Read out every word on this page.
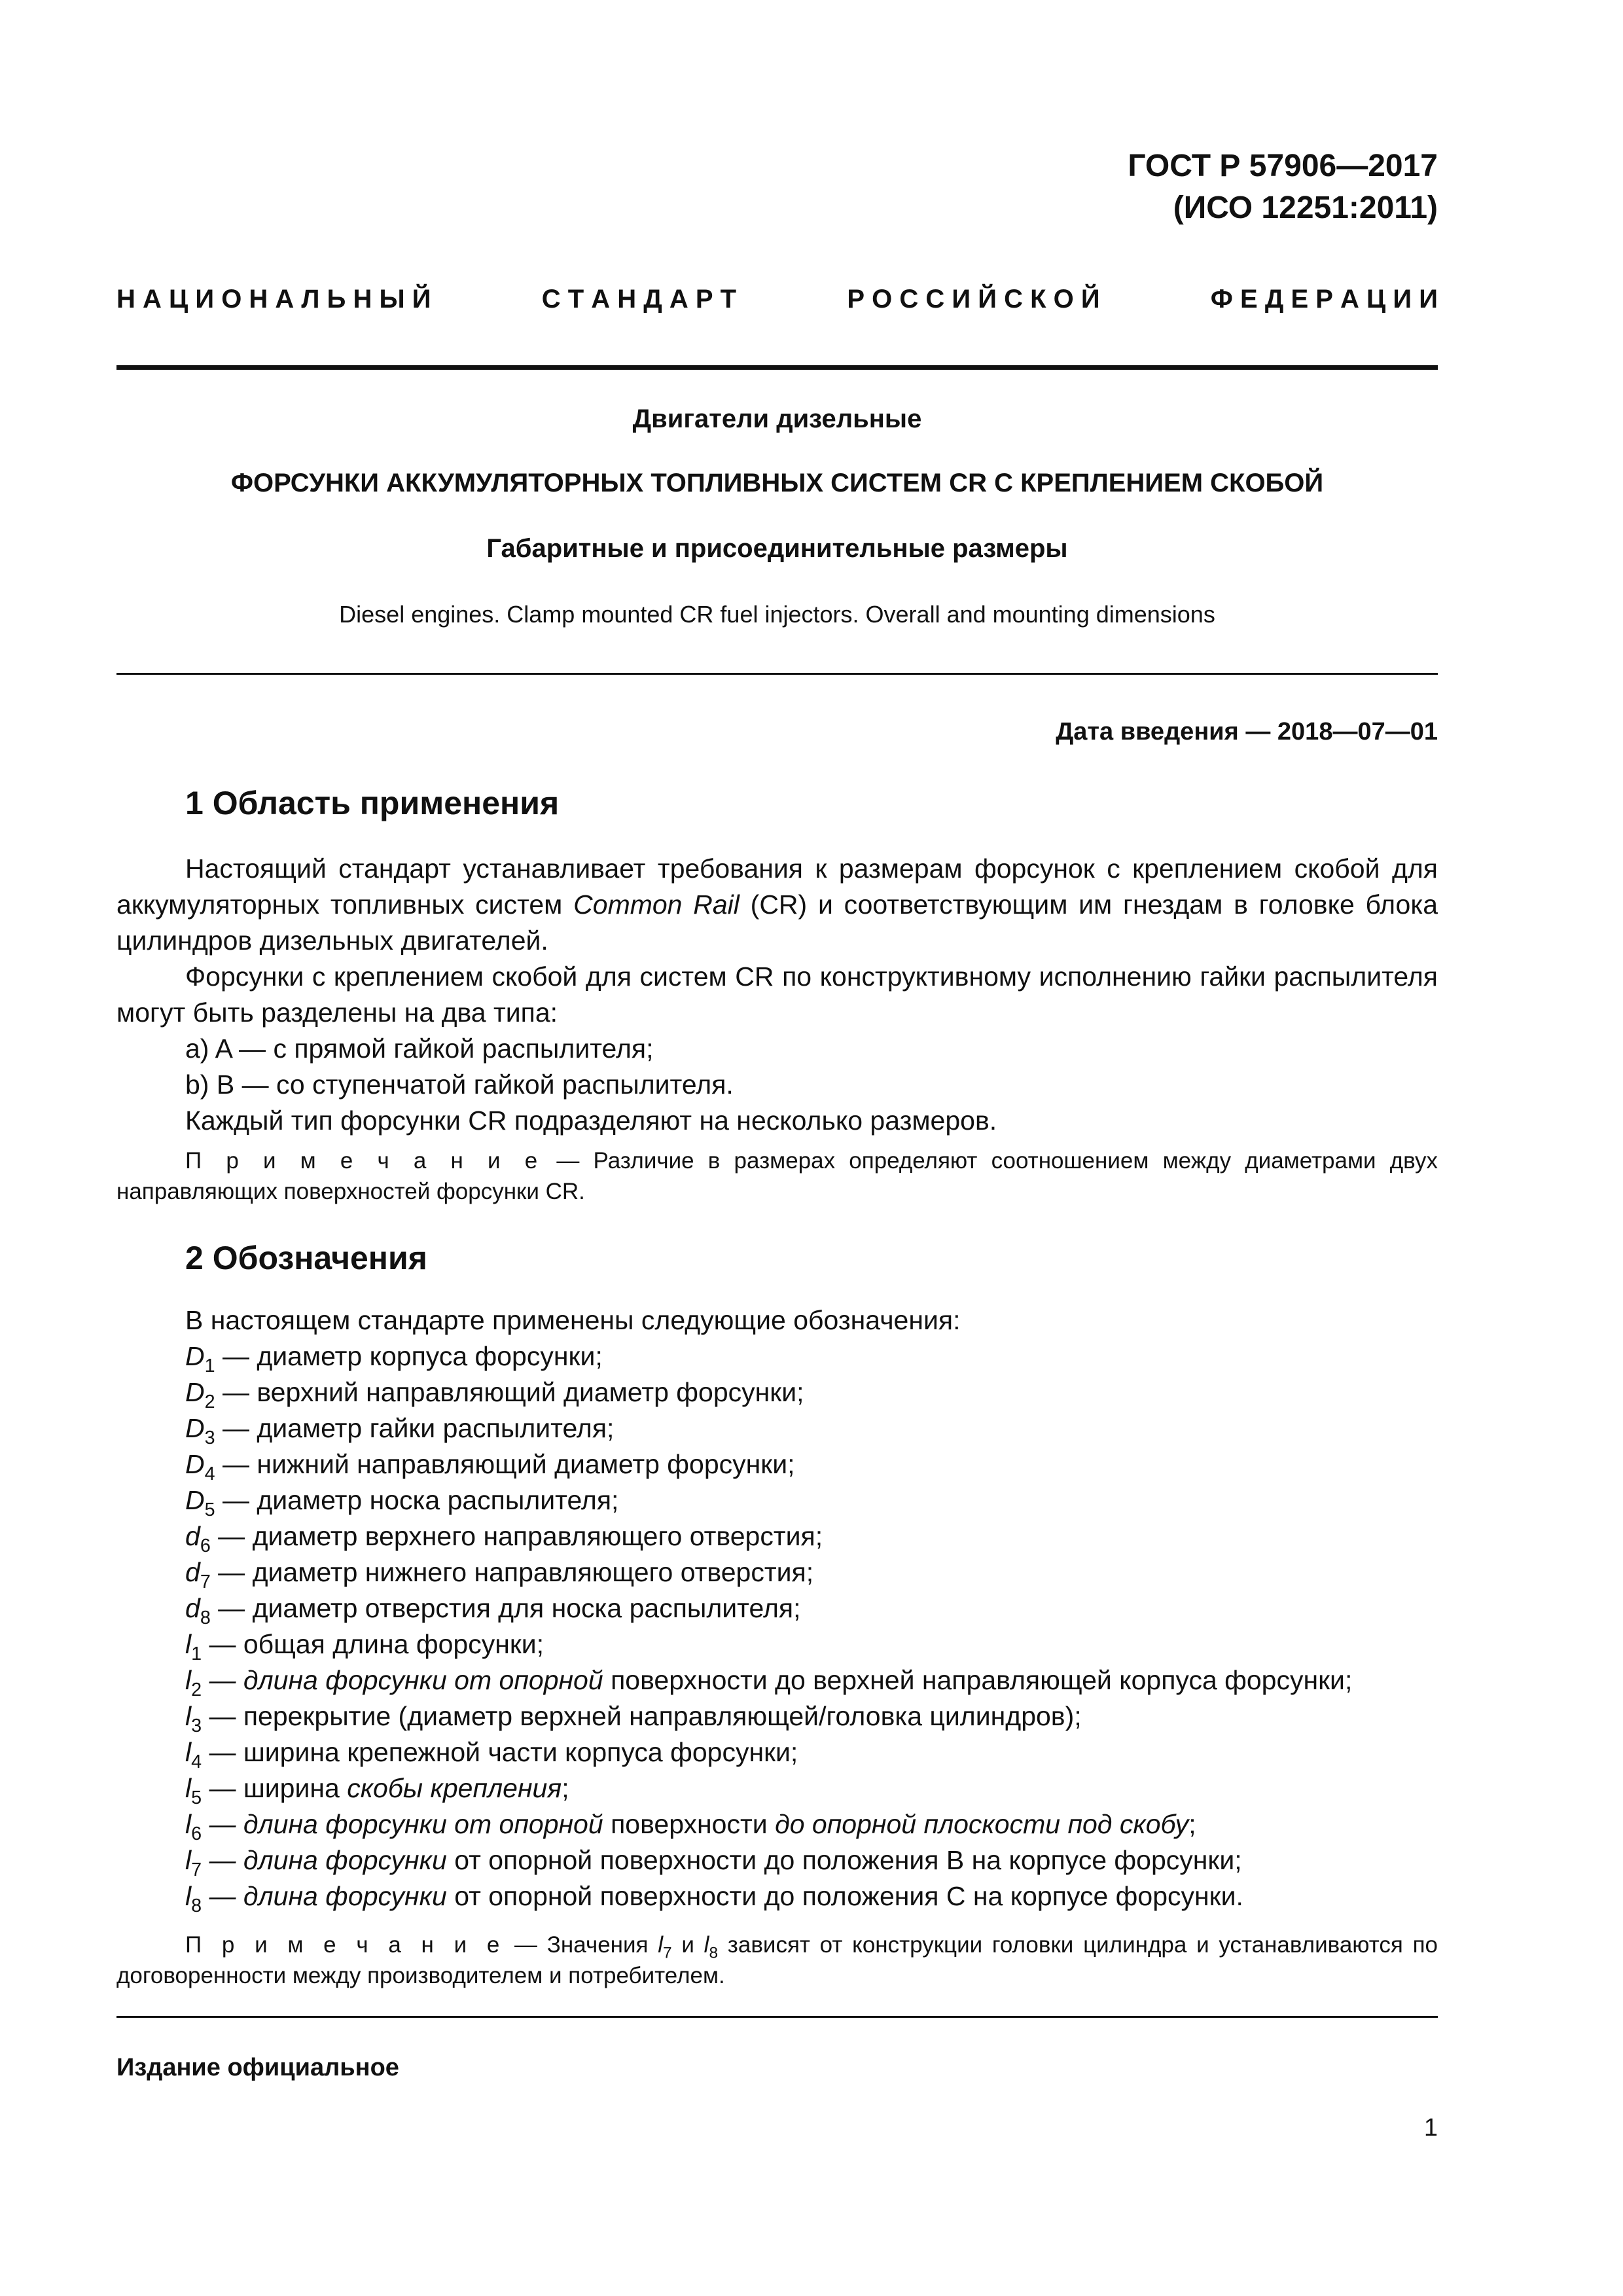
ГОСТ Р 57906—2017
(ИСО 12251:2011)
Н А Ц И О Н А Л Ь Н Ы Й	С Т А Н Д А Р Т	Р О С С И Й С К О Й	Ф Е Д Е Р А Ц И И
Двигатели дизельные
ФОРСУНКИ АККУМУЛЯТОРНЫХ ТОПЛИВНЫХ СИСТЕМ CR С КРЕПЛЕНИЕМ СКОБОЙ
Габаритные и присоединительные размеры
Diesel engines. Clamp mounted CR fuel injectors. Overall and mounting dimensions
Дата введения — 2018—07—01
1 Область применения
Настоящий стандарт устанавливает требования к размерам форсунок с креплением скобой для аккумуляторных топливных систем Common Rail (CR) и соответствующим им гнездам в головке блока цилиндров дизельных двигателей.
Форсунки с креплением скобой для систем CR по конструктивному исполнению гайки распылителя могут быть разделены на два типа:
a) A — с прямой гайкой распылителя;
b) B — со ступенчатой гайкой распылителя.
Каждый тип форсунки CR подразделяют на несколько размеров.
П р и м е ч а н и е — Различие в размерах определяют соотношением между диаметрами двух направляющих поверхностей форсунки CR.
2 Обозначения
В настоящем стандарте применены следующие обозначения:
$D_1$ — диаметр корпуса форсунки;
$D_2$ — верхний направляющий диаметр форсунки;
$D_3$ — диаметр гайки распылителя;
$D_4$ — нижний направляющий диаметр форсунки;
$D_5$ — диаметр носка распылителя;
$d_6$ — диаметр верхнего направляющего отверстия;
$d_7$ — диаметр нижнего направляющего отверстия;
$d_8$ — диаметр отверстия для носка распылителя;
$l_1$ — общая длина форсунки;
$l_2$ — длина форсунки от опорной поверхности до верхней направляющей корпуса форсунки;
$l_3$ — перекрытие (диаметр верхней направляющей/головка цилиндров);
$l_4$ — ширина крепежной части корпуса форсунки;
$l_5$ — ширина скобы крепления;
$l_6$ — длина форсунки от опорной поверхности до опорной плоскости под скобу;
$l_7$ — длина форсунки от опорной поверхности до положения B на корпусе форсунки;
$l_8$ — длина форсунки от опорной поверхности до положения C на корпусе форсунки.
П р и м е ч а н и е — Значения $l_7$ и $l_8$ зависят от конструкции головки цилиндра и устанавливаются по договоренности между производителем и потребителем.
Издание официальное
1
